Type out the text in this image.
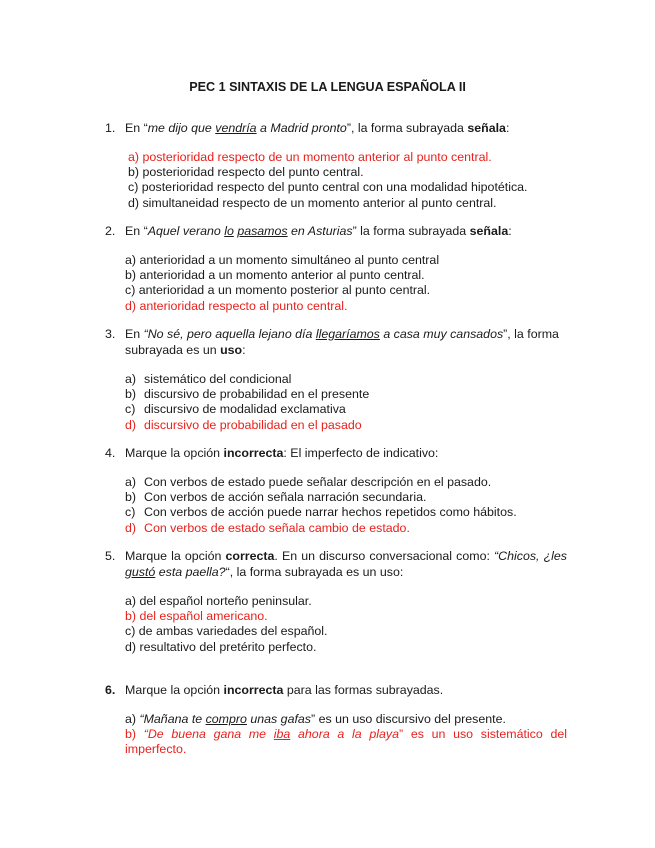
PEC 1 SINTAXIS DE LA LENGUA ESPAÑOLA II
1. En “me dijo que vendría a Madrid pronto”, la forma subrayada señala:
a) posterioridad respecto de un momento anterior al punto central.
b) posterioridad respecto del punto central.
c) posterioridad respecto del punto central con una modalidad hipotética.
d) simultaneidad respecto de un momento anterior al punto central.
2. En “Aquel verano lo pasamos en Asturias” la forma subrayada señala:
a) anterioridad a un momento simultáneo al punto central
b) anterioridad a un momento anterior al punto central.
c) anterioridad a un momento posterior al punto central.
d) anterioridad respecto al punto central.
3. En “No sé, pero aquella lejano día llegaríamos a casa muy cansados”, la forma subrayada es un uso:
a) sistemático del condicional
b) discursivo de probabilidad en el presente
c) discursivo de modalidad exclamativa
d) discursivo de probabilidad en el pasado
4. Marque la opción incorrecta: El imperfecto de indicativo:
a) Con verbos de estado puede señalar descripción en el pasado.
b) Con verbos de acción señala narración secundaria.
c) Con verbos de acción puede narrar hechos repetidos como hábitos.
d) Con verbos de estado señala cambio de estado.
5. Marque la opción correcta. En un discurso conversacional como: “Chicos, ¿les gustó esta paella?“, la forma subrayada es un uso:
a) del español norteño peninsular.
b) del español americano.
c) de ambas variedades del español.
d) resultativo del pretérito perfecto.
6. Marque la opción incorrecta para las formas subrayadas.
a) “Mañana te compro unas gafas” es un uso discursivo del presente.
b) “De buena gana me iba ahora a la playa” es un uso sistemático del imperfecto.
